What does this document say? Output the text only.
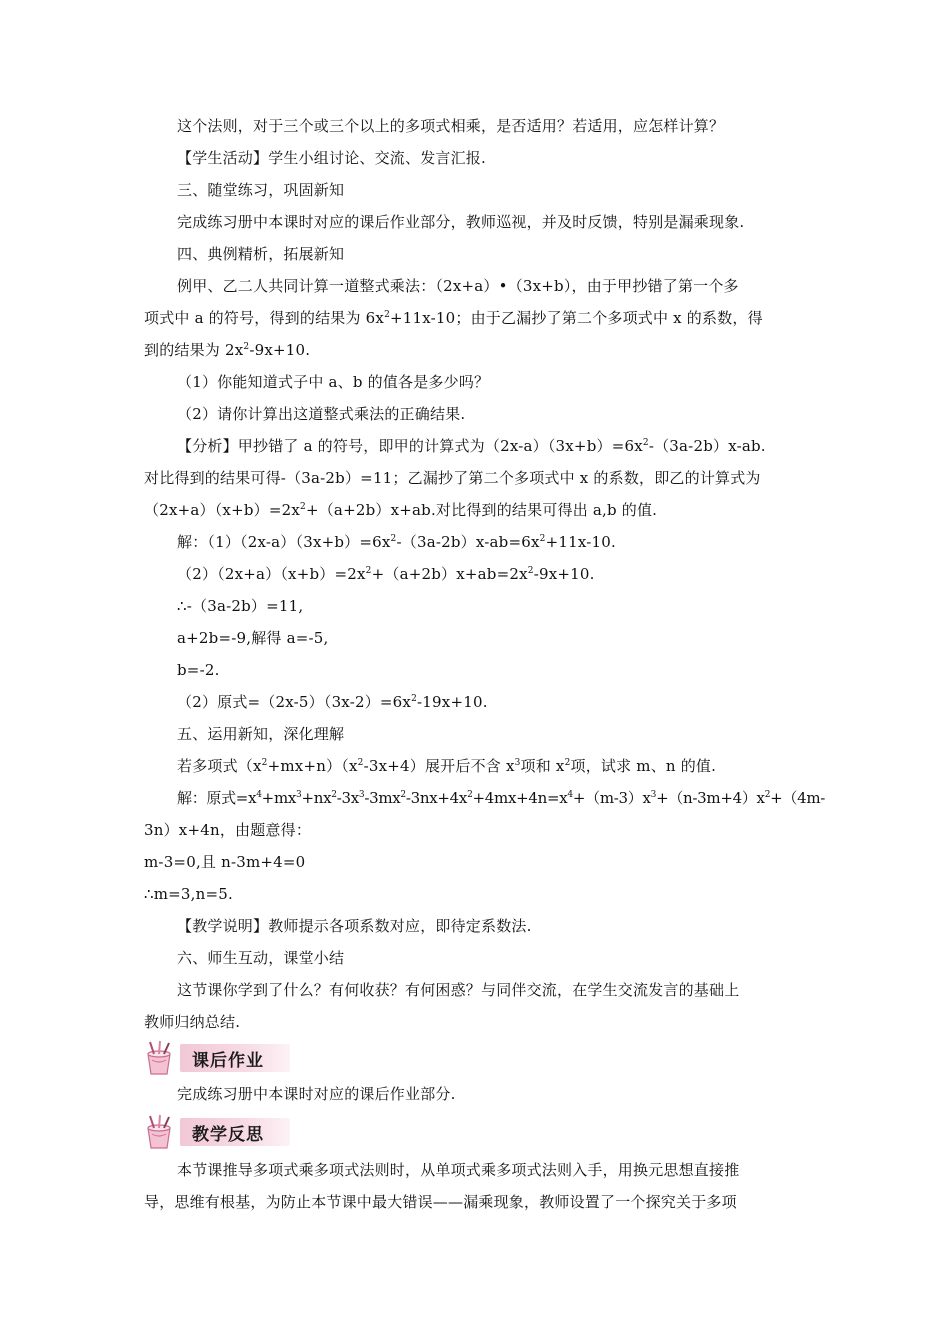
这个法则，对于三个或三个以上的多项式相乘，是否适用？若适用，应怎样计算？
【学生活动】学生小组讨论、交流、发言汇报.
三、随堂练习，巩固新知
完成练习册中本课时对应的课后作业部分，教师巡视，并及时反馈，特别是漏乘现象.
四、典例精析，拓展新知
例甲、乙二人共同计算一道整式乘法：（2x+a）•（3x+b），由于甲抄错了第一个多
项式中 a 的符号，得到的结果为 $6x^2+11x-10$；由于乙漏抄了第二个多项式中 x 的系数，得
到的结果为 $2x^2-9x+10$.
（1）你能知道式子中 a、b 的值各是多少吗？
（2）请你计算出这道整式乘法的正确结果.
【分析】甲抄错了 a 的符号，即甲的计算式为$(2x-a)(3x+b)=6x^2-(3a-2b)x-ab$.
对比得到的结果可得-（3a-2b）=11；乙漏抄了第二个多项式中 x 的系数，即乙的计算式为
$(2x+a)(x+b)=2x^2+(a+2b)x+ab$.对比得到的结果可得出 a,b 的值.
解：$(1)(2x-a)(3x+b)=6x^2-(3a-2b)x-ab=6x^2+11x-10$.
$(2)(2x+a)(x+b)=2x^2+(a+2b)x+ab=2x^2-9x+10$.
∴-（3a-2b）=11,
a+2b=-9,解得 a=-5,
b=-2.
（2）原式$=(2x-5)(3x-2)=6x^2-19x+10$.
五、运用新知，深化理解
若多项式$(x^2+mx+n)(x^2-3x+4)$展开后不含 $x^3$项和 $x^2$项，试求 m、n 的值.
解：原式$=x^4+mx^3+nx^2-3x^3-3mx^2-3nx+4x^2+4mx+4n=x^4+(m-3)x^3+(n-3m+4)x^2+(4m-$
3n）x+4n，由题意得：
m-3=0,且 n-3m+4=0
∴m=3,n=5.
【教学说明】教师提示各项系数对应，即待定系数法.
六、师生互动，课堂小结
这节课你学到了什么？有何收获？有何困惑？与同伴交流，在学生交流发言的基础上
教师归纳总结.
课后作业
完成练习册中本课时对应的课后作业部分.
教学反思
本节课推导多项式乘多项式法则时，从单项式乘多项式法则入手，用换元思想直接推
导，思维有根基，为防止本节课中最大错误——漏乘现象，教师设置了一个探究关于多项
